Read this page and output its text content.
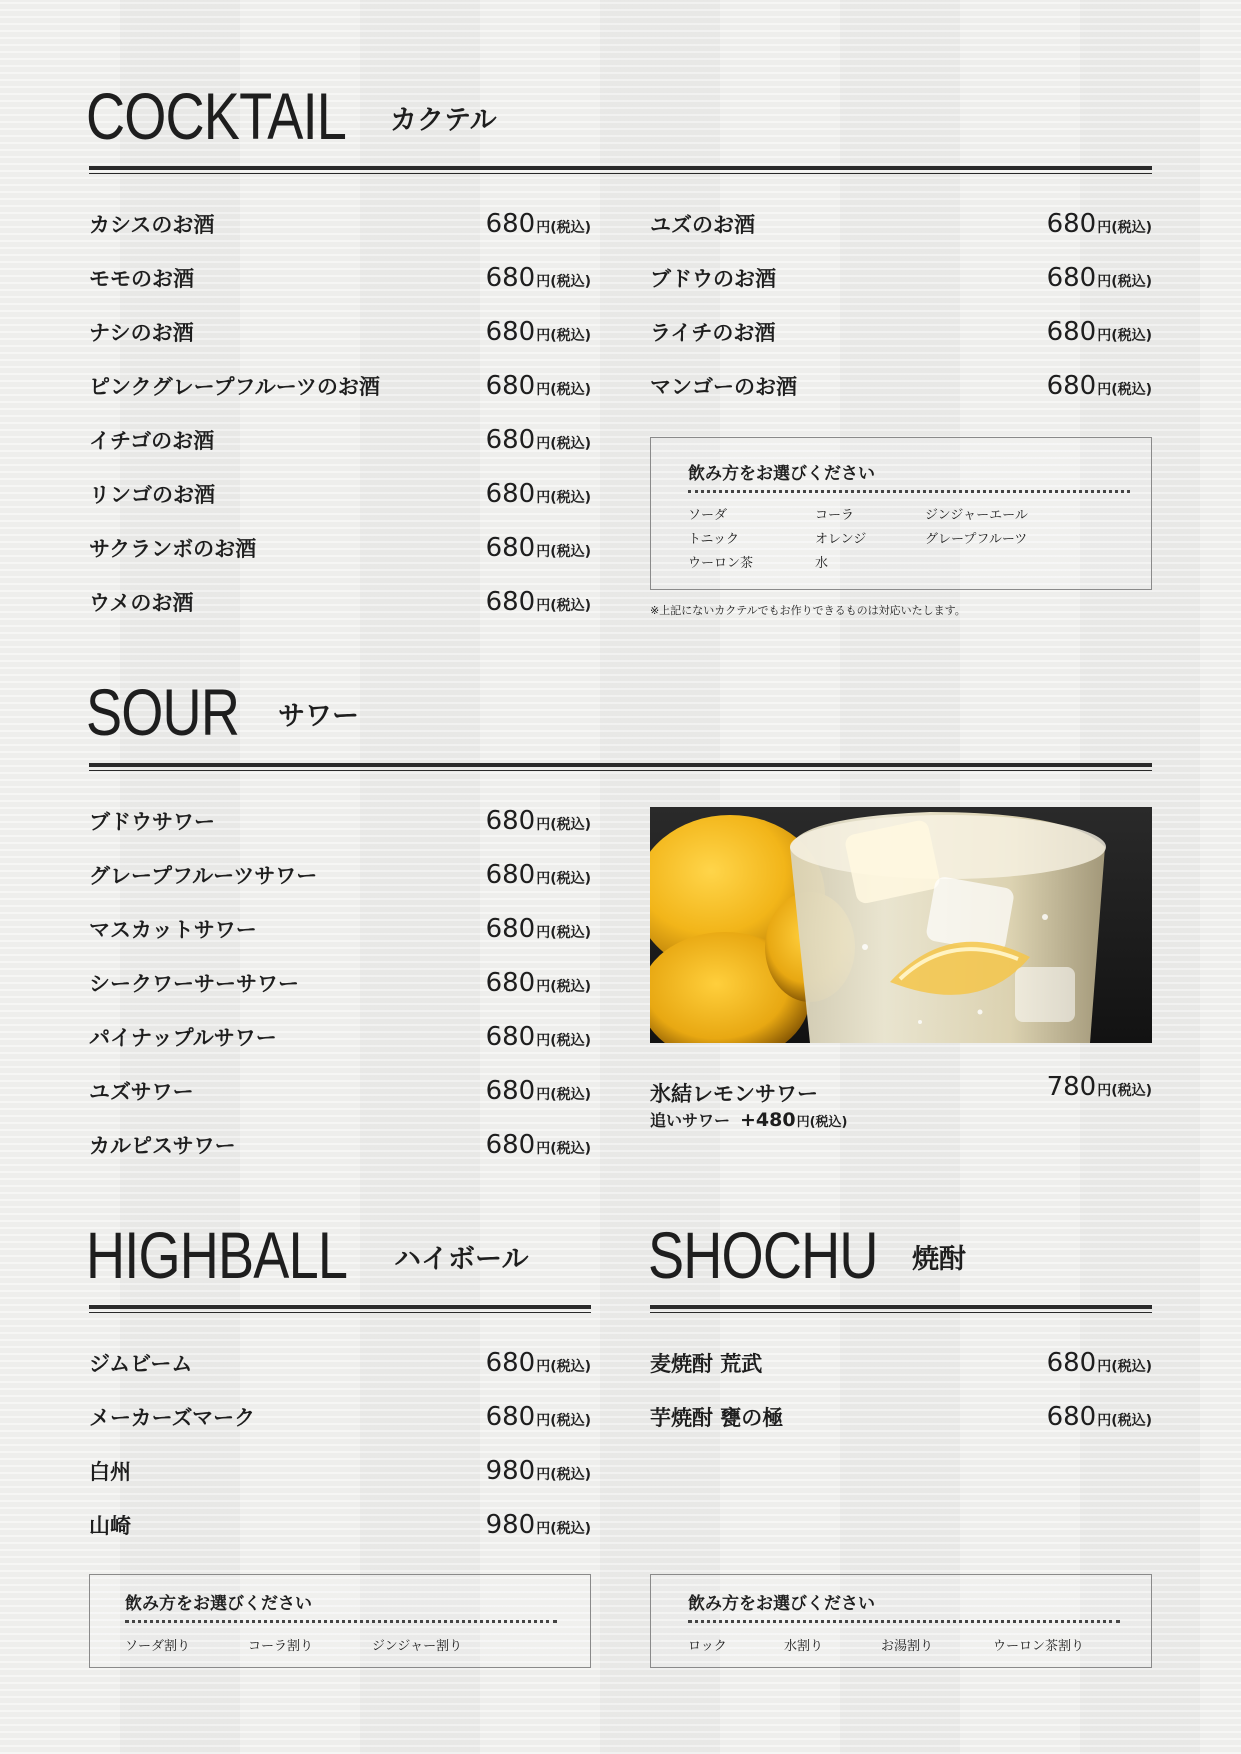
COCKTAIL カクテル
カシスのお酒	680 円(税込)
モモのお酒	680 円(税込)
ナシのお酒	680 円(税込)
ピンクグレープフルーツのお酒	680 円(税込)
イチゴのお酒	680 円(税込)
リンゴのお酒	680 円(税込)
サクランボのお酒	680 円(税込)
ウメのお酒	680 円(税込)
ユズのお酒	680 円(税込)
ブドウのお酒	680 円(税込)
ライチのお酒	680 円(税込)
マンゴーのお酒	680 円(税込)
飲み方をお選びください
ソーダ	コーラ	ジンジャーエール
トニック	オレンジ	グレープフルーツ
ウーロン茶	水
※上記にないカクテルでもお作りできるものは対応いたします。
SOUR サワー
ブドウサワー	680 円(税込)
グレープフルーツサワー	680 円(税込)
マスカットサワー	680 円(税込)
シークワーサーサワー	680 円(税込)
パイナップルサワー	680 円(税込)
ユズサワー	680 円(税込)
カルピスサワー	680 円(税込)
氷結レモンサワー	780 円(税込)
追いサワー +480 円(税込)
HIGHBALL ハイボール
ジムビーム	680 円(税込)
メーカーズマーク	680 円(税込)
白州	980 円(税込)
山崎	980 円(税込)
飲み方をお選びください
ソーダ割り	コーラ割り	ジンジャー割り
SHOCHU 焼酎
麦焼酎 荒武	680 円(税込)
芋焼酎 甕の極	680 円(税込)
飲み方をお選びください
ロック	水割り	お湯割り	ウーロン茶割り
